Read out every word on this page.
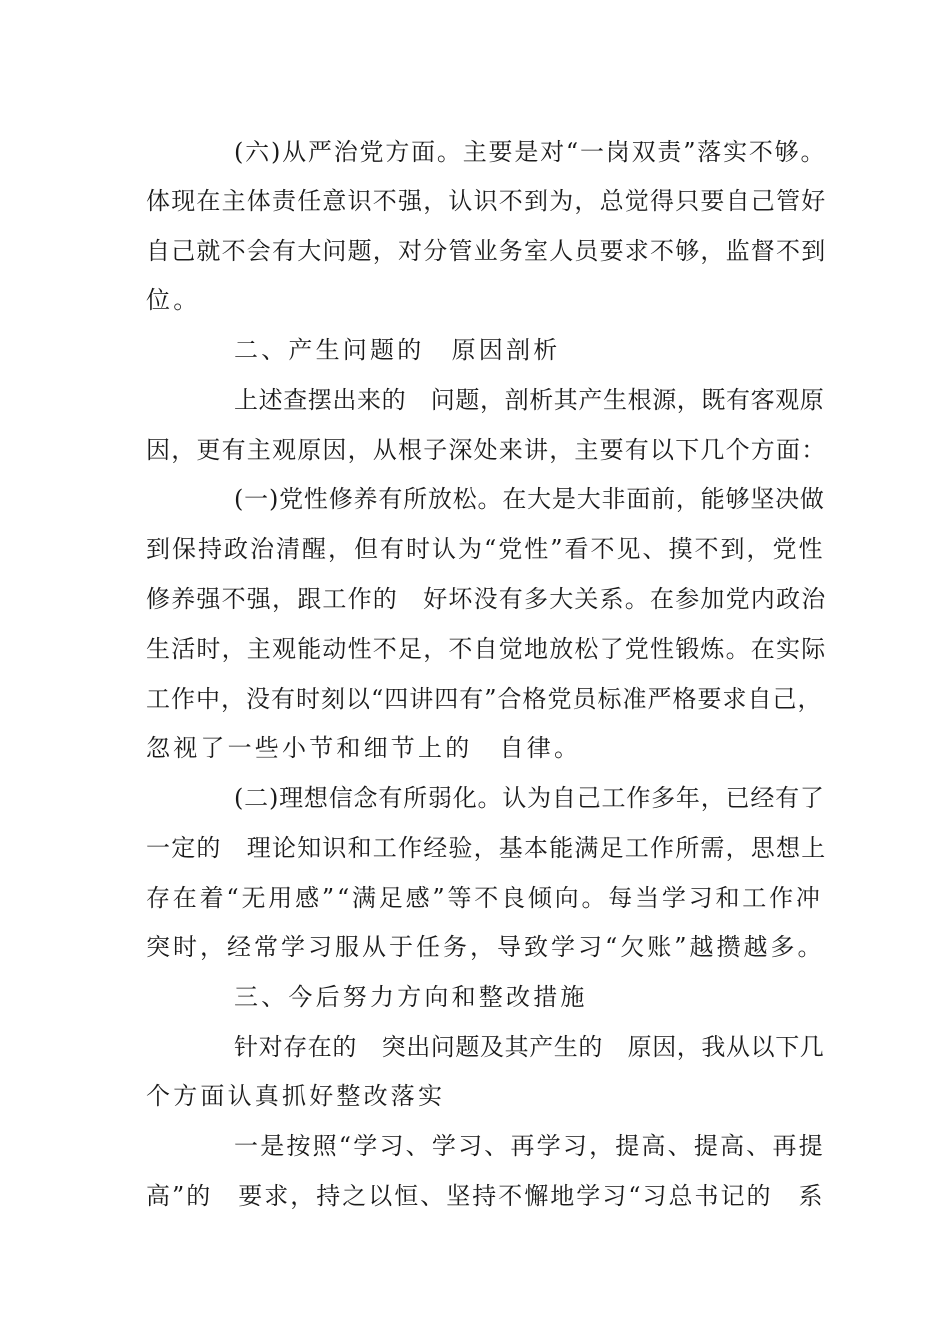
(六)从严治党方面。主要是对“一岗双责”落实不够。
体现在主体责任意识不强，认识不到为，总觉得只要自己管好
自己就不会有大问题，对分管业务室人员要求不够，监督不到
位。
二、产生问题的　原因剖析
上述查摆出来的　问题，剖析其产生根源，既有客观原
因，更有主观原因，从根子深处来讲，主要有以下几个方面：
(一)党性修养有所放松。在大是大非面前，能够坚决做
到保持政治清醒，但有时认为“党性”看不见、摸不到，党性
修养强不强，跟工作的　好坏没有多大关系。在参加党内政治
生活时，主观能动性不足，不自觉地放松了党性锻炼。在实际
工作中，没有时刻以“四讲四有”合格党员标准严格要求自己，
忽视了一些小节和细节上的　自律。
(二)理想信念有所弱化。认为自己工作多年，已经有了
一定的　理论知识和工作经验，基本能满足工作所需，思想上
存在着“无用感”“满足感”等不良倾向。每当学习和工作冲
突时，经常学习服从于任务，导致学习“欠账”越攒越多。
三、今后努力方向和整改措施
针对存在的　突出问题及其产生的　原因，我从以下几
个方面认真抓好整改落实
一是按照“学习、学习、再学习，提高、提高、再提
高”的　要求，持之以恒、坚持不懈地学习“习总书记的　系
